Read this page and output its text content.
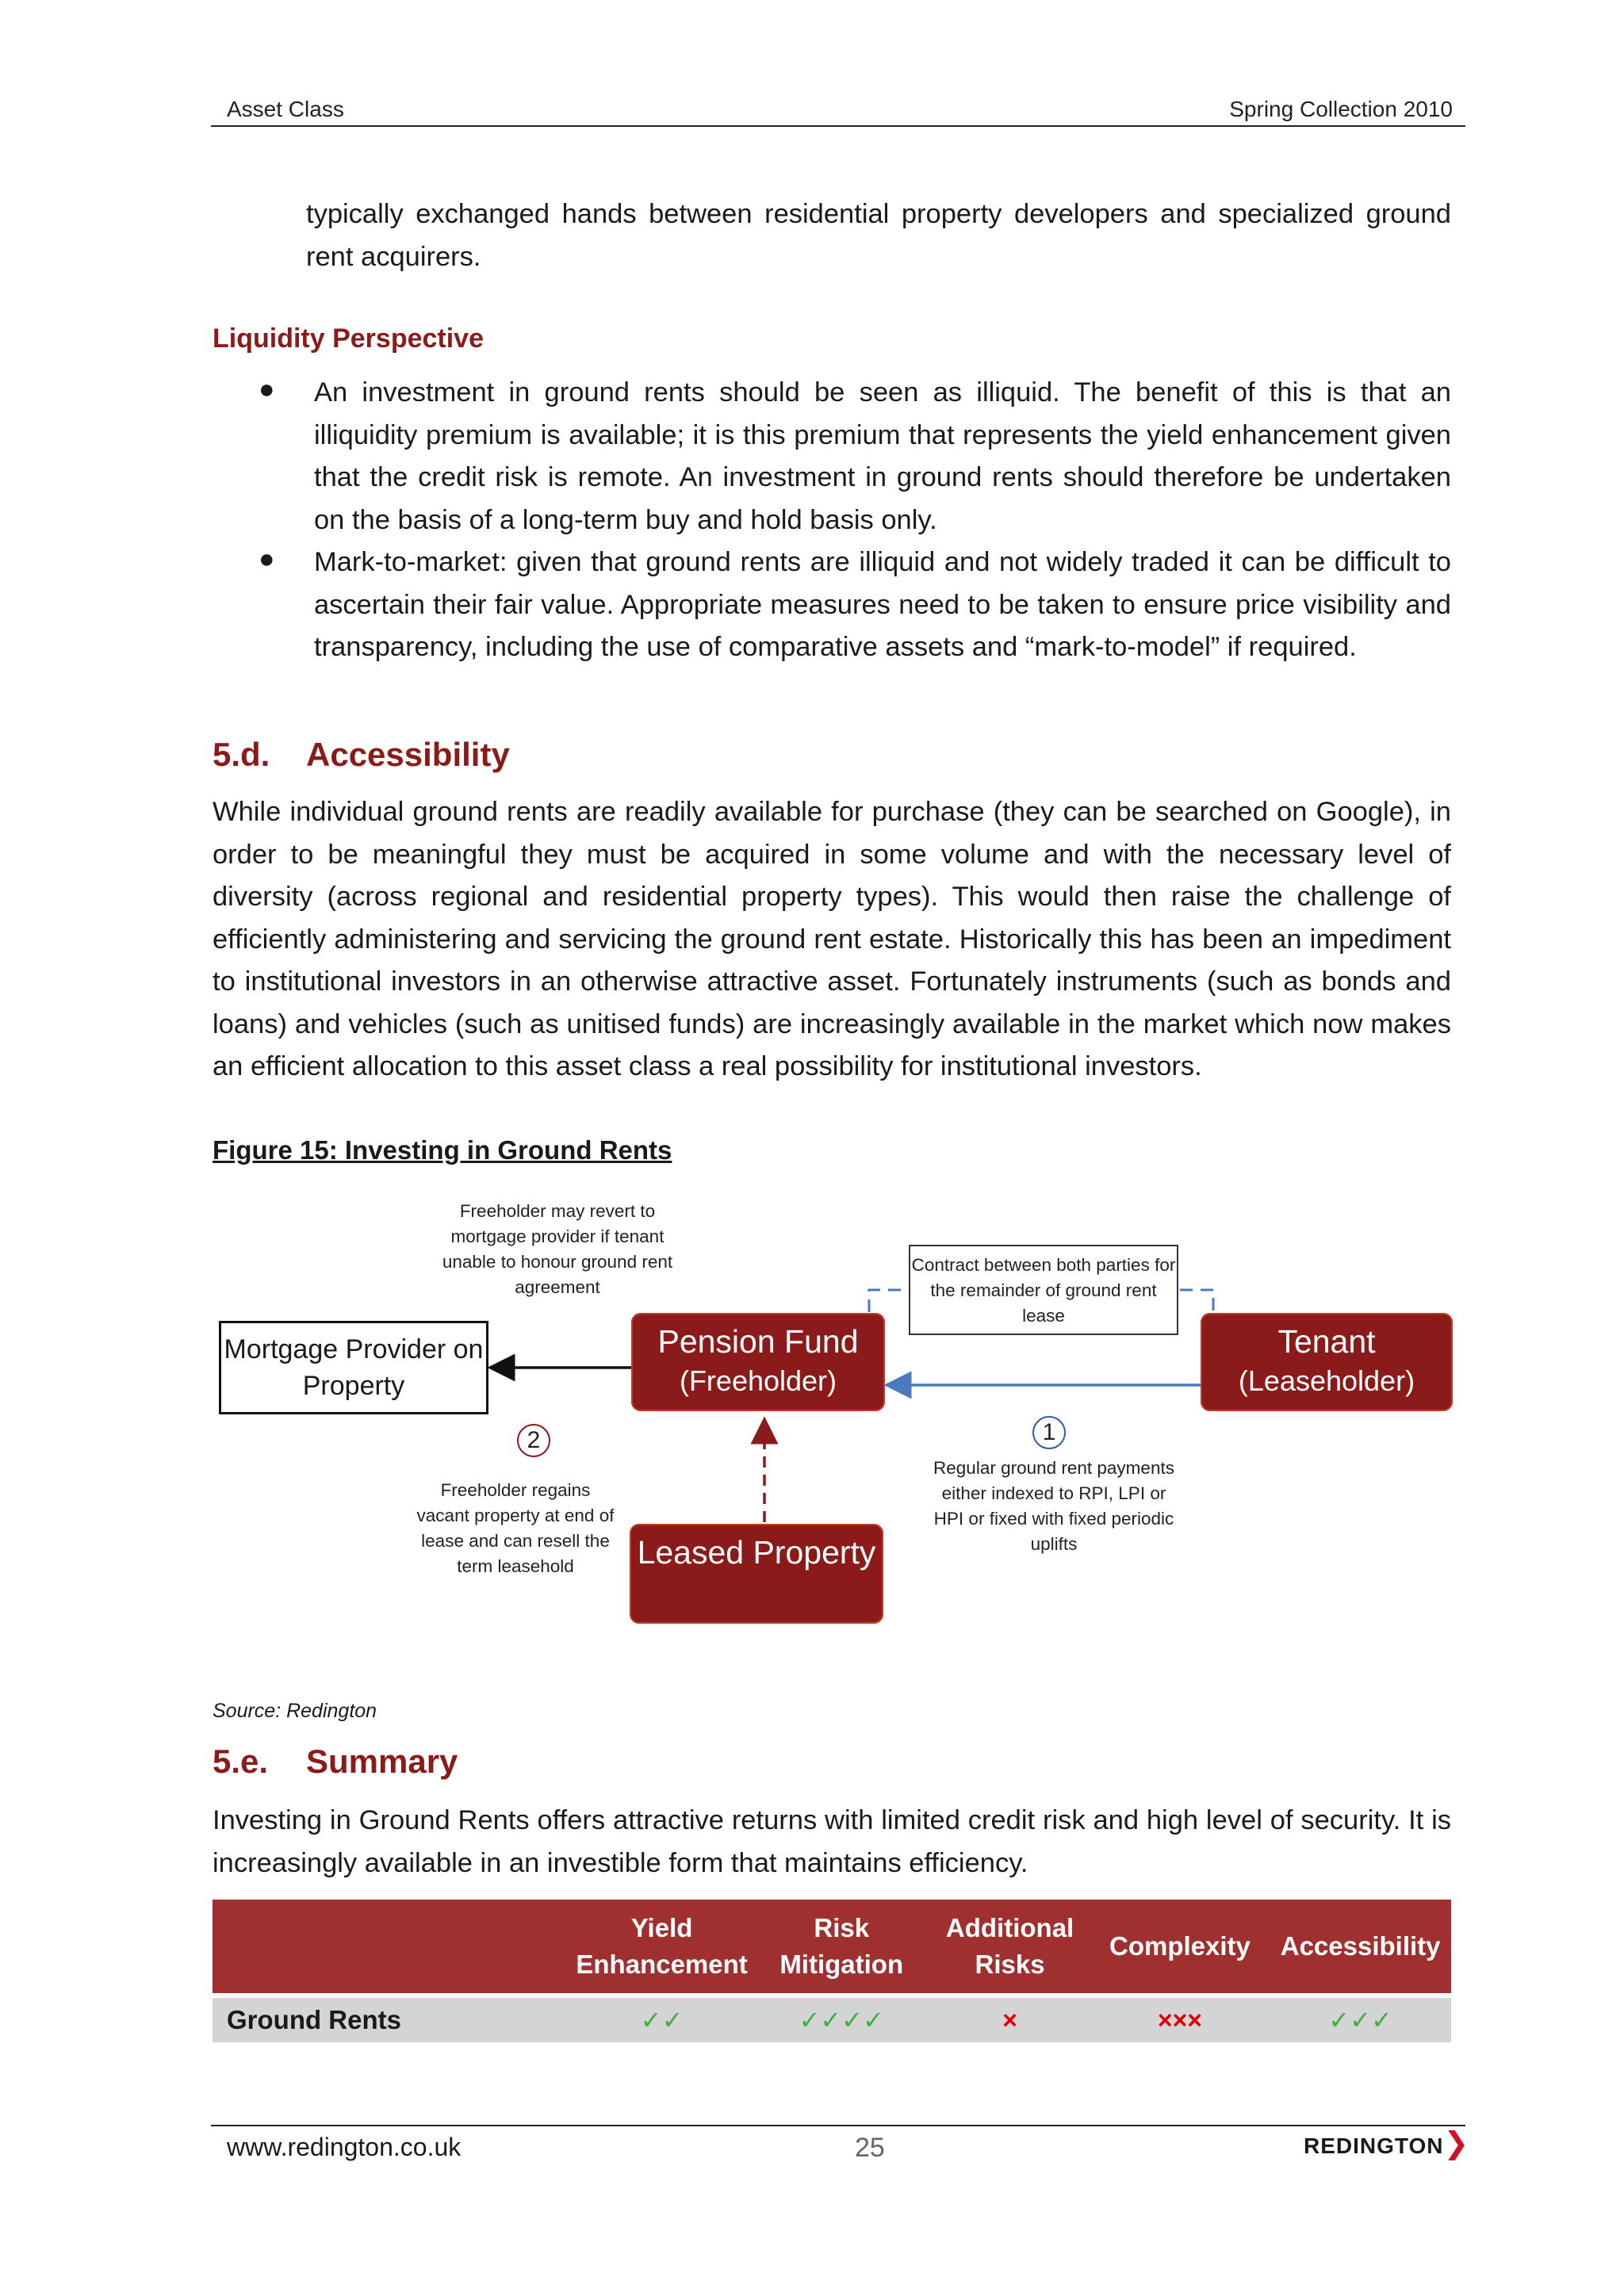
Asset Class	Spring Collection 2010
typically exchanged hands between residential property developers and specialized ground rent acquirers.
Liquidity Perspective
● An investment in ground rents should be seen as illiquid. The benefit of this is that an illiquidity premium is available; it is this premium that represents the yield enhancement given that the credit risk is remote. An investment in ground rents should therefore be undertaken on the basis of a long-term buy and hold basis only.
● Mark-to-market: given that ground rents are illiquid and not widely traded it can be difficult to ascertain their fair value. Appropriate measures need to be taken to ensure price visibility and transparency, including the use of comparative assets and “mark-to-model” if required.
5.d. Accessibility
While individual ground rents are readily available for purchase (they can be searched on Google), in order to be meaningful they must be acquired in some volume and with the necessary level of diversity (across regional and residential property types). This would then raise the challenge of efficiently administering and servicing the ground rent estate. Historically this has been an impediment to institutional investors in an otherwise attractive asset. Fortunately instruments (such as bonds and loans) and vehicles (such as unitised funds) are increasingly available in the market which now makes an efficient allocation to this asset class a real possibility for institutional investors.
Figure 15: Investing in Ground Rents
Freeholder may revert to mortgage provider if tenant unable to honour ground rent agreement
Contract between both parties for the remainder of ground rent lease
Mortgage Provider on Property
Pension Fund
(Freeholder)
Tenant
(Leaseholder)
2	1
Freeholder regains vacant property at end of lease and can resell the term leasehold
Regular ground rent payments either indexed to RPI, LPI or HPI or fixed with fixed periodic uplifts
Leased Property
Source: Redington
5.e. Summary
Investing in Ground Rents offers attractive returns with limited credit risk and high level of security. It is increasingly available in an investible form that maintains efficiency.
	Yield Enhancement	Risk Mitigation	Additional Risks	Complexity	Accessibility

Ground Rents	✓✓	✓✓✓✓	×	×××	✓✓✓
www.redington.co.uk	25	REDINGTON❯
